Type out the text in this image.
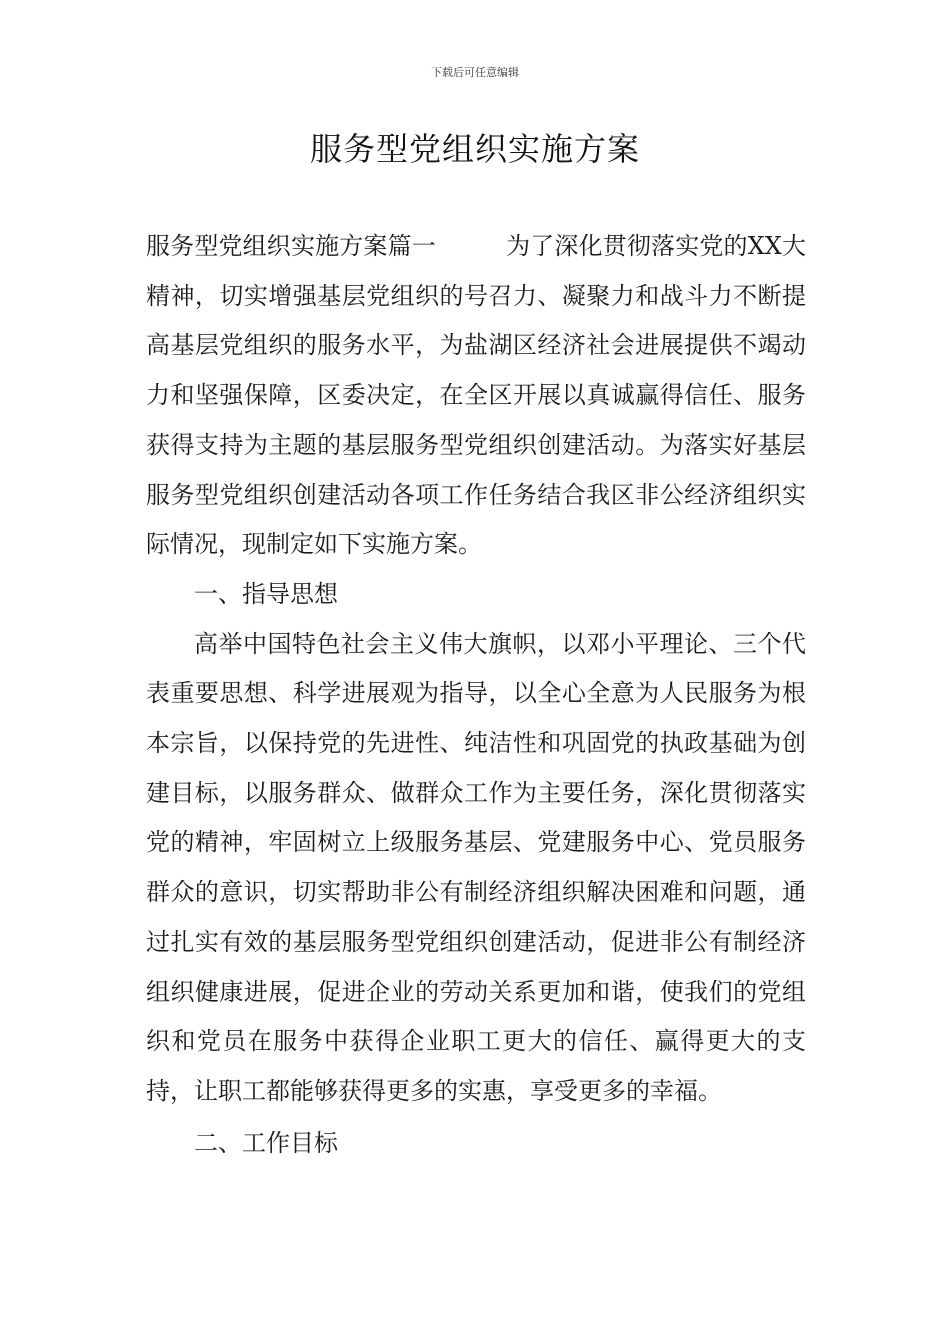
下载后可任意编辑
服务型党组织实施方案

服务型党组织实施方案篇一	为了深化贯彻落实党的XX大精神，切实增强基层党组织的号召力、凝聚力和战斗力不断提高基层党组织的服务水平，为盐湖区经济社会进展提供不竭动力和坚强保障，区委决定，在全区开展以真诚赢得信任、服务获得支持为主题的基层服务型党组织创建活动。为落实好基层服务型党组织创建活动各项工作任务结合我区非公经济组织实际情况，现制定如下实施方案。

一、指导思想

高举中国特色社会主义伟大旗帜，以邓小平理论、三个代表重要思想、科学进展观为指导，以全心全意为人民服务为根本宗旨，以保持党的先进性、纯洁性和巩固党的执政基础为创建目标，以服务群众、做群众工作为主要任务，深化贯彻落实党的精神，牢固树立上级服务基层、党建服务中心、党员服务群众的意识，切实帮助非公有制经济组织解决困难和问题，通过扎实有效的基层服务型党组织创建活动，促进非公有制经济组织健康进展，促进企业的劳动关系更加和谐，使我们的党组织和党员在服务中获得企业职工更大的信任、赢得更大的支持，让职工都能够获得更多的实惠，享受更多的幸福。

二、工作目标
